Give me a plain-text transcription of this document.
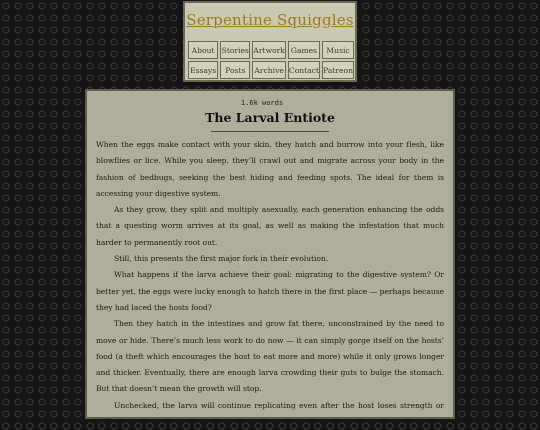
Serpentine Squiggles
About Stories Artwork Games	Music
Essays	Posts	Archive Contact Patreon

1.6k words

The Larval Entiote

When the eggs make contact with your skin, they hatch and burrow into your flesh, like blowflies or lice. While you sleep, they’ll crawl out and migrate across your body in the fashion of bedbugs, seeking the best hiding and feeding spots. The ideal for them is accessing your digestive system.

As they grow, they split and multiply asexually, each generation enhancing the odds that a questing worm arrives at its goal, as well as making the infestation that much harder to permanently root out.

Still, this presents the first major fork in their evolution.

What happens if the larva achieve their goal: migrating to the digestive system? Or better yet, the eggs were lucky enough to hatch there in the first place — perhaps because they had laced the hosts food?

Then they hatch in the intestines and grow fat there, unconstrained by the need to move or hide. There’s much less work to do now — it can simply gorge itself on the hosts’ food (a theft which encourages the host to eat more and more) while it only grows longer and thicker. Eventually, there are enough larva crowding their guts to bulge the stomach. But that doesn’t mean the growth will stop.

Unchecked, the larva will continue replicating even after the host loses strength or ability
